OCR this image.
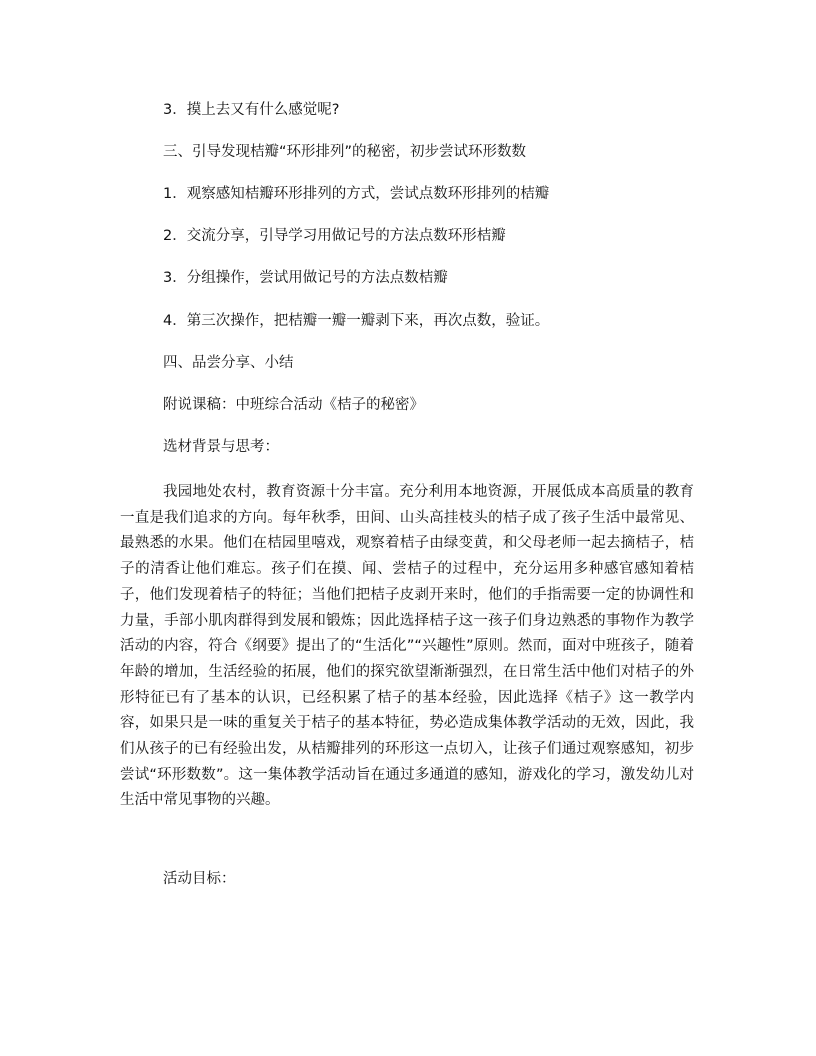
3．摸上去又有什么感觉呢?
三、引导发现桔瓣“环形排列”的秘密，初步尝试环形数数
1．观察感知桔瓣环形排列的方式，尝试点数环形排列的桔瓣
2．交流分享，引导学习用做记号的方法点数环形桔瓣
3．分组操作，尝试用做记号的方法点数桔瓣
4．第三次操作，把桔瓣一瓣一瓣剥下来，再次点数，验证。
四、品尝分享、小结
附说课稿：中班综合活动《桔子的秘密》
选材背景与思考：
我园地处农村，教育资源十分丰富。充分利用本地资源，开展低成本高质量的教育一直是我们追求的方向。每年秋季，田间、山头高挂枝头的桔子成了孩子生活中最常见、最熟悉的水果。他们在桔园里嘻戏，观察着桔子由绿变黄，和父母老师一起去摘桔子，桔子的清香让他们难忘。孩子们在摸、闻、尝桔子的过程中，充分运用多种感官感知着桔子，他们发现着桔子的特征；当他们把桔子皮剥开来时，他们的手指需要一定的协调性和力量，手部小肌肉群得到发展和锻炼；因此选择桔子这一孩子们身边熟悉的事物作为教学活动的内容，符合《纲要》提出了的“生活化”“兴趣性”原则。然而，面对中班孩子，随着年龄的增加，生活经验的拓展，他们的探究欲望渐渐强烈，在日常生活中他们对桔子的外形特征已有了基本的认识，已经积累了桔子的基本经验，因此选择《桔子》这一教学内容，如果只是一味的重复关于桔子的基本特征，势必造成集体教学活动的无效，因此，我们从孩子的已有经验出发，从桔瓣排列的环形这一点切入，让孩子们通过观察感知，初步尝试“环形数数”。这一集体教学活动旨在通过多通道的感知，游戏化的学习，激发幼儿对生活中常见事物的兴趣。
活动目标：
